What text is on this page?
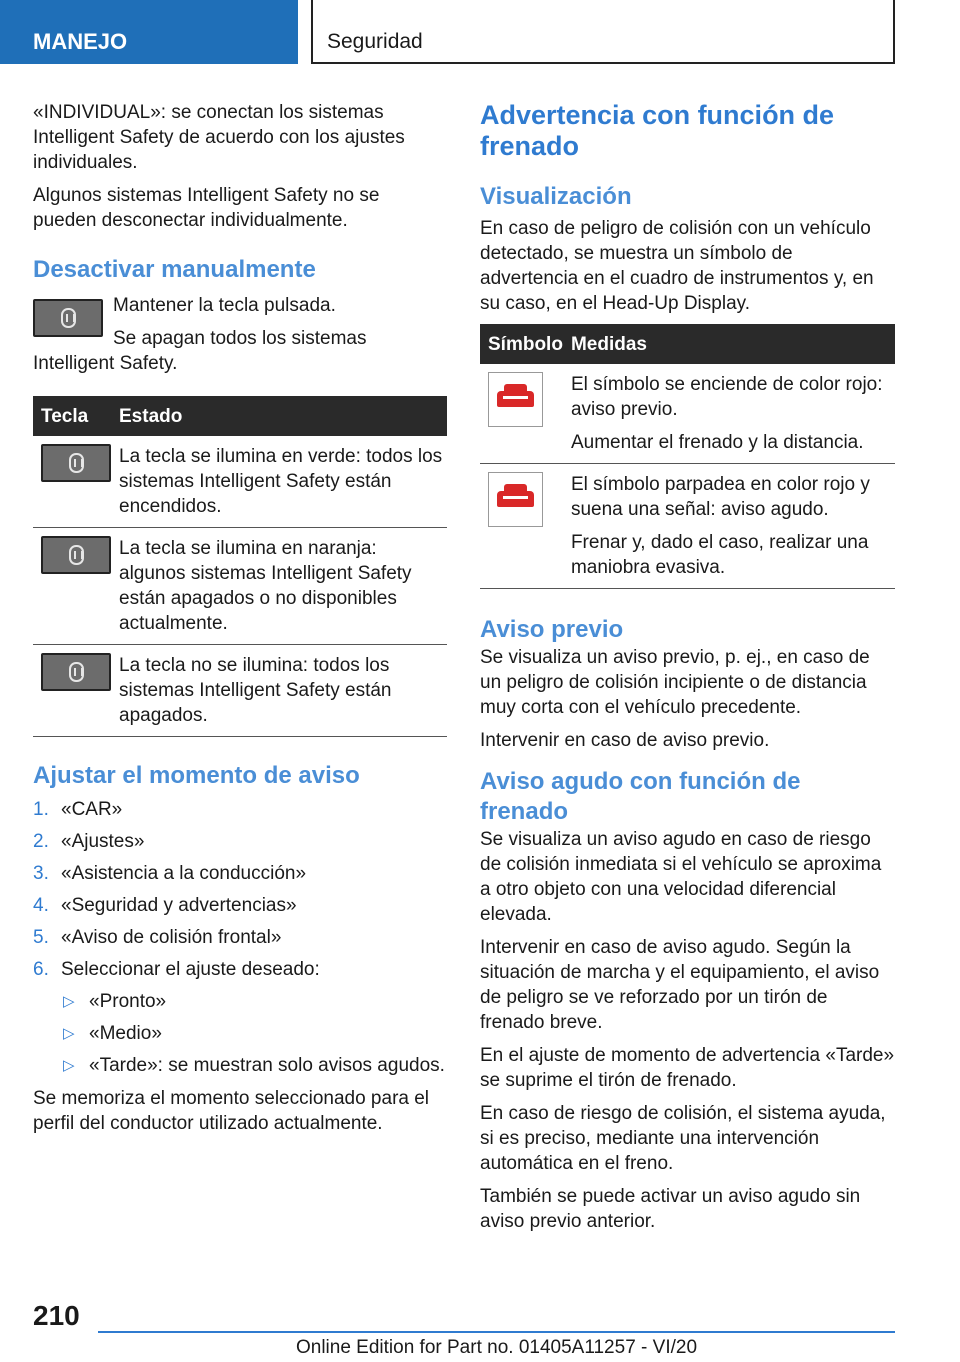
MANEJO	Seguridad

«INDIVIDUAL»: se conectan los sistemas Intelligent Safety de acuerdo con los ajustes individuales.

Algunos sistemas Intelligent Safety no se pueden desconectar individualmente.

Desactivar manualmente

Mantener la tecla pulsada.

Se apagan todos los sistemas Intelligent Safety.

Tecla	Estado

	La tecla se ilumina en verde: todos los sistemas Intelligent Safety están encendidos.

	La tecla se ilumina en naranja: algunos sistemas Intelligent Safety están apagados o no disponibles actualmente.

	La tecla no se ilumina: todos los sistemas Intelligent Safety están apagados.
Ajustar el momento de aviso
1. «CAR»
2. «Ajustes»
3. «Asistencia a la conducción»
4. «Seguridad y advertencias»
5. «Aviso de colisión frontal»
6. Seleccionar el ajuste deseado:
▷ «Pronto»
▷ «Medio»
▷ «Tarde»: se muestran solo avisos agudos.

Se memoriza el momento seleccionado para el perfil del conductor utilizado actualmente.

Advertencia con función de frenado
Visualización

En caso de peligro de colisión con un vehículo detectado, se muestra un símbolo de advertencia en el cuadro de instrumentos y, en su caso, en el Head-Up Display.

Símbolo	Medidas

	El símbolo se enciende de color rojo: aviso previo.

Aumentar el frenado y la distancia.

	El símbolo parpadea en color rojo y suena una señal: aviso agudo.

Frenar y, dado el caso, realizar una maniobra evasiva.

Aviso previo

Se visualiza un aviso previo, p. ej., en caso de un peligro de colisión incipiente o de distancia muy corta con el vehículo precedente.

Intervenir en caso de aviso previo.

Aviso agudo con función de frenado

Se visualiza un aviso agudo en caso de riesgo de colisión inmediata si el vehículo se aproxima a otro objeto con una velocidad diferencial elevada.

Intervenir en caso de aviso agudo. Según la situación de marcha y el equipamiento, el aviso de peligro se ve reforzado por un tirón de frenado breve.

En el ajuste de momento de advertencia «Tarde» se suprime el tirón de frenado.

En caso de riesgo de colisión, el sistema ayuda, si es preciso, mediante una intervención automática en el freno.

También se puede activar un aviso agudo sin aviso previo anterior.

210
Online Edition for Part no. 01405A11257 - VI/20
